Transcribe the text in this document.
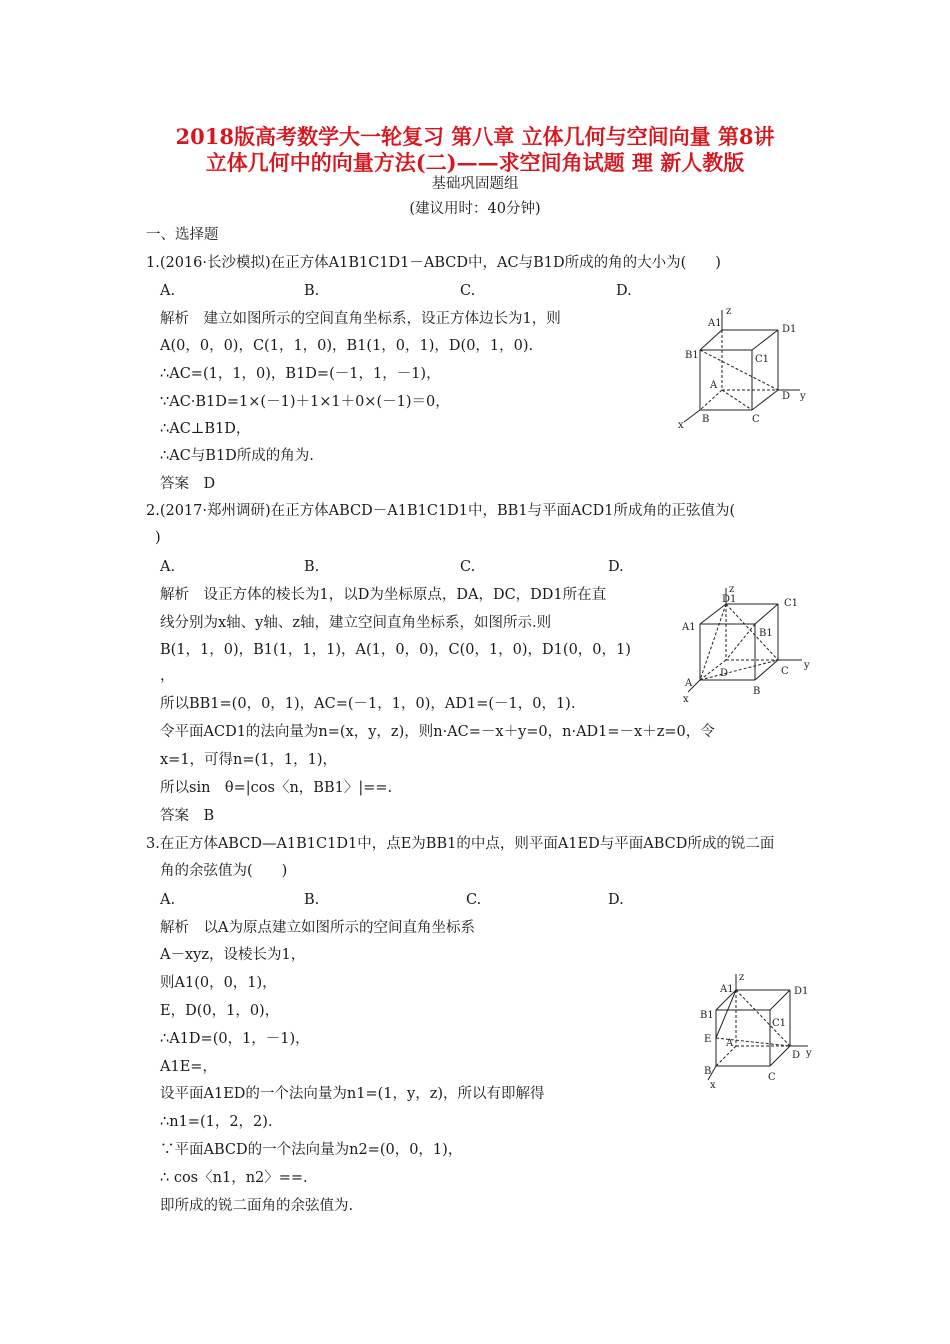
2018版高考数学大一轮复习 第八章 立体几何与空间向量 第8讲
立体几何中的向量方法(二)——求空间角试题 理 新人教版
基础巩固题组
(建议用时：40分钟)
一、选择题
1.(2016·长沙模拟)在正方体A1B1C1D1－ABCD中，AC与B1D所成的角的大小为(　　)
A.	B.	C.	D.
解析　建立如图所示的空间直角坐标系，设正方体边长为1，则
A(0，0，0)，C(1，1，0)，B1(1，0，1)，D(0，1，0).
∴AC=(1，1，0)，B1D=(－1，1，－1)，
∵AC·B1D=1×(－1)＋1×1＋0×(－1)＝0，
∴AC⊥B1D，
∴AC与B1D所成的角为.
答案　D
A1
D1
B1	C1
A
B	C
D
x
y
z
2.(2017·郑州调研)在正方体ABCD－A1B1C1D1中，BB1与平面ACD1所成角的正弦值为(
)
A.	B.	C.	D.
解析　设正方体的棱长为1，以D为坐标原点，DA，DC，DD1所在直
线分别为x轴、y轴、z轴，建立空间直角坐标系，如图所示.则
B(1，1，0)，B1(1，1，1)，A(1，0，0)，C(0，1，0)，D1(0，0，1)
，
所以BB1=(0，0，1)，AC=(－1，1，0)，AD1=(－1，0，1).
令平面ACD1的法向量为n=(x，y，z)，则n·AC=－x＋y=0，n·AD1=－x＋z=0，令
x=1，可得n=(1，1，1)，
所以sin　θ=|cos〈n，BB1〉|==.
答案　B
D1	C1
A1
B1
D	C
A
B
x
y
z
3.在正方体ABCD—A1B1C1D1中，点E为BB1的中点，则平面A1ED与平面ABCD所成的锐二面
角的余弦值为(　　)
A.	B.	C.	D.
解析　以A为原点建立如图所示的空间直角坐标系
A－xyz，设棱长为1，
则A1(0，0，1)，
E，D(0，1，0)，
∴A1D=(0，1，－1)，
A1E=，
设平面A1ED的一个法向量为n1=(1，y，z)，所以有即解得
∴n1=(1，2，2).
∵平面ABCD的一个法向量为n2=(0，0，1)，
∴ cos〈n1，n2〉==.
即所成的锐二面角的余弦值为.
A1	D1
B1
C1
A
E
D
B
C
x
y
z
